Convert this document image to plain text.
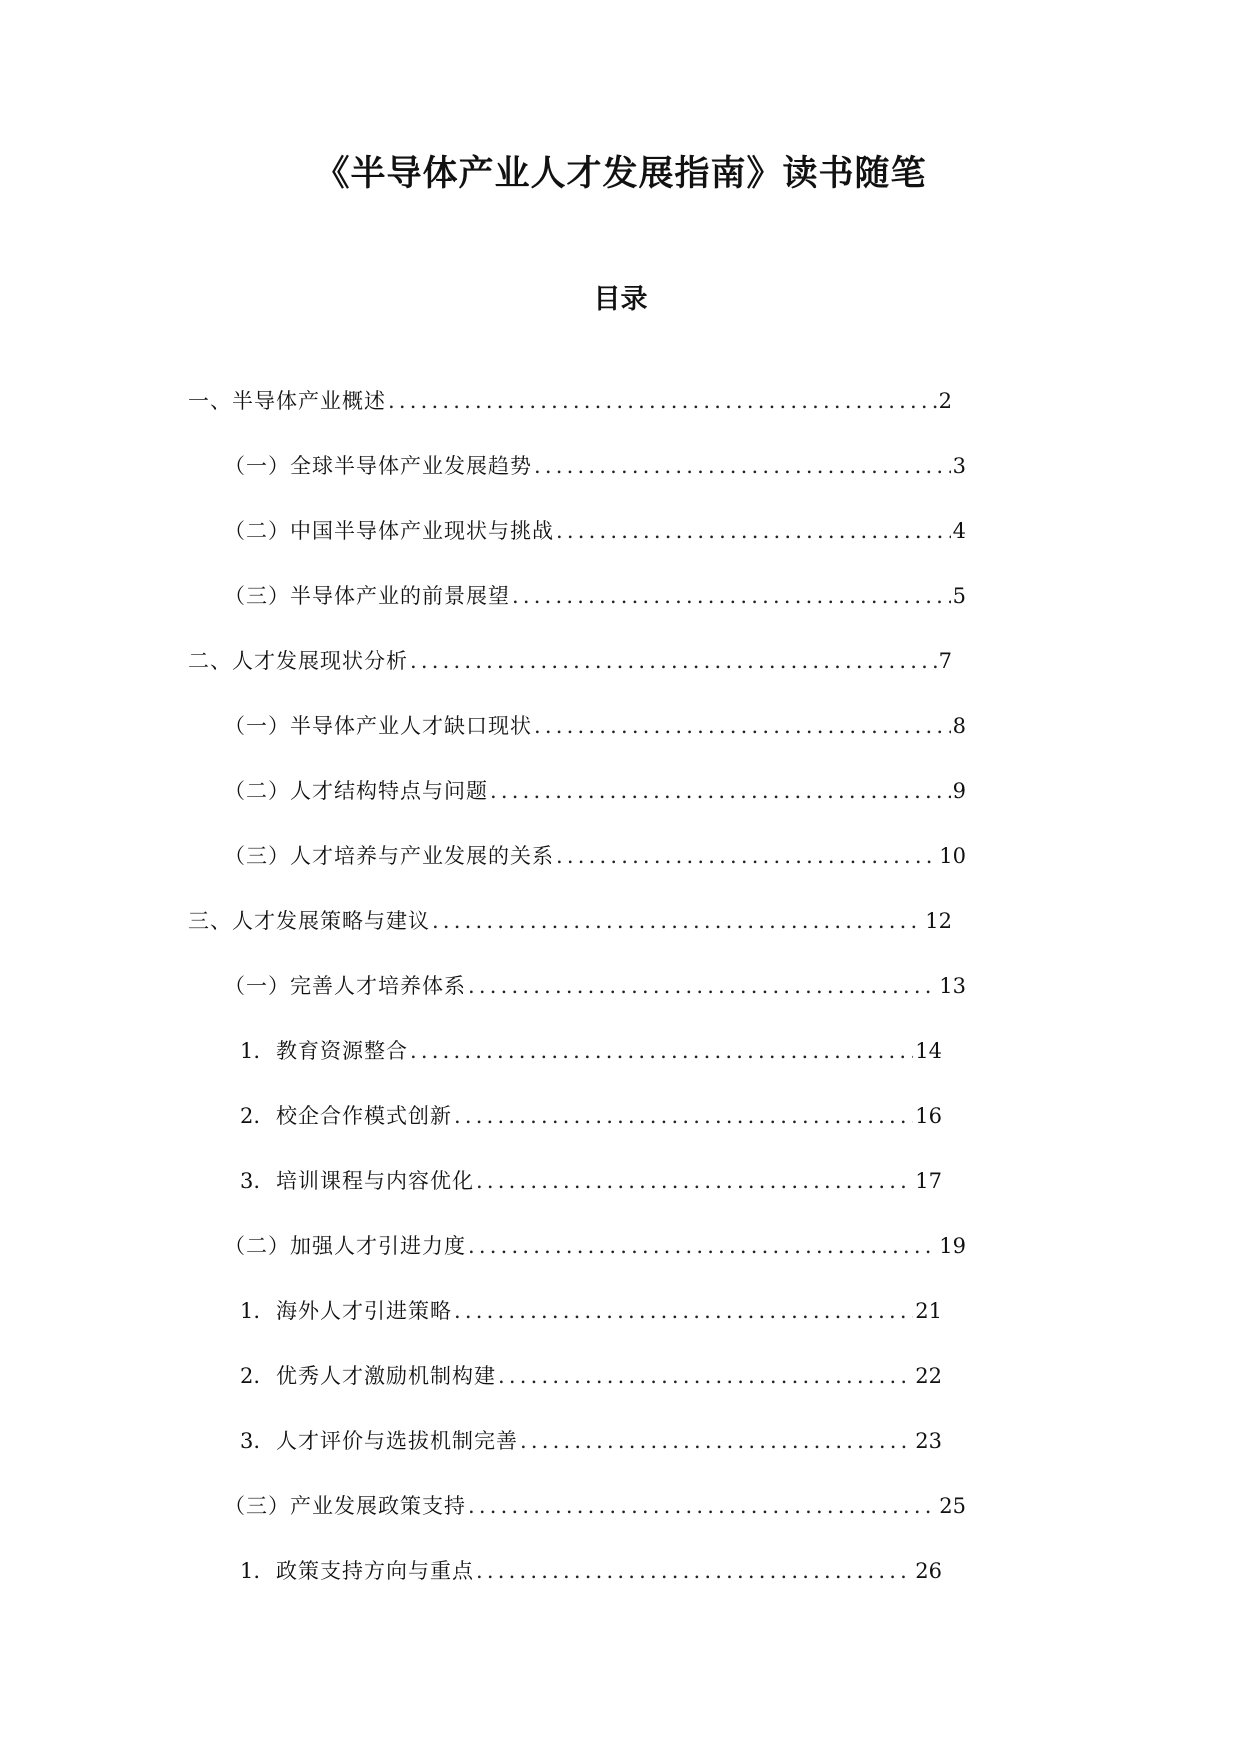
《半导体产业人才发展指南》读书随笔
目录
一、半导体产业概述 .....	2
（一）全球半导体产业发展趋势 .....	3
（二）中国半导体产业现状与挑战 .....	4
（三）半导体产业的前景展望 .....	5
二、人才发展现状分析 .....	7
（一）半导体产业人才缺口现状 .....	8
（二）人才结构特点与问题 .....	9
（三）人才培养与产业发展的关系 .....	10
三、人才发展策略与建议 .....	12
（一）完善人才培养体系 .....	13
1. 教育资源整合 .....	14
2. 校企合作模式创新 .....	16
3. 培训课程与内容优化 .....	17
（二）加强人才引进力度 .....	19
1. 海外人才引进策略 .....	21
2. 优秀人才激励机制构建 .....	22
3. 人才评价与选拔机制完善 .....	23
（三）产业发展政策支持 .....	25
1. 政策支持方向与重点 .....	26
